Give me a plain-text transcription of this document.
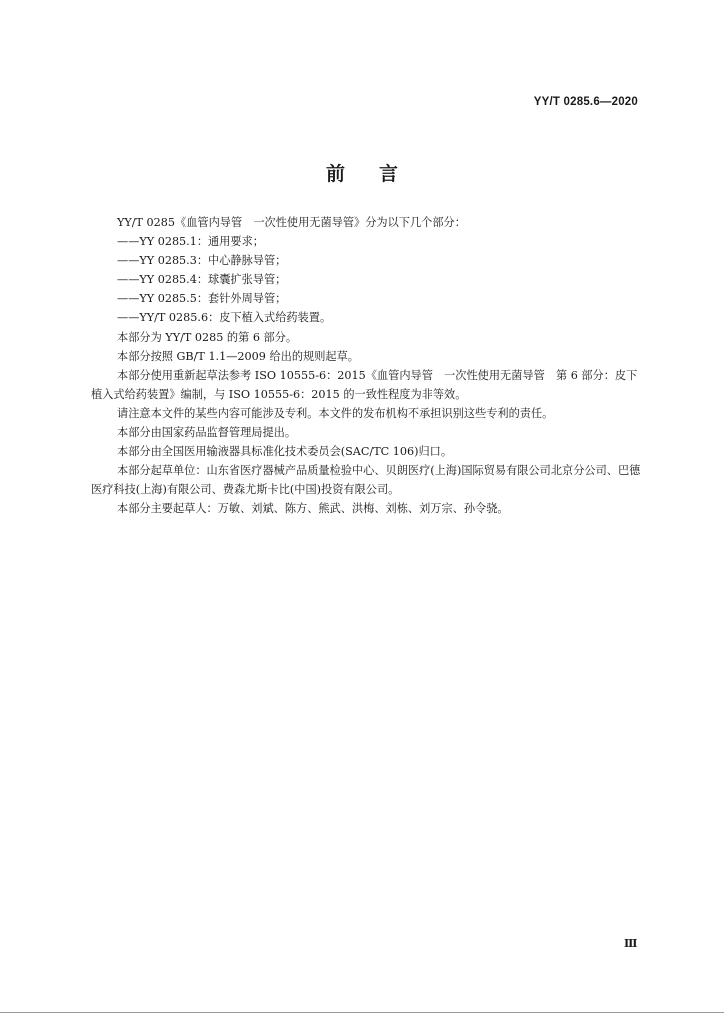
YY/T 0285.6—2020
前言

YY/T 0285《血管内导管　一次性使用无菌导管》分为以下几个部分：

——YY 0285.1：通用要求；

——YY 0285.3：中心静脉导管；

——YY 0285.4：球囊扩张导管；

——YY 0285.5：套针外周导管；

——YY/T 0285.6：皮下植入式给药装置。

本部分为 YY/T 0285 的第 6 部分。

本部分按照 GB/T 1.1—2009 给出的规则起草。

本部分使用重新起草法参考 ISO 10555-6：2015《血管内导管　一次性使用无菌导管　第 6 部分：皮下植入式给药装置》编制，与 ISO 10555-6：2015 的一致性程度为非等效。

请注意本文件的某些内容可能涉及专利。本文件的发布机构不承担识别这些专利的责任。

本部分由国家药品监督管理局提出。

本部分由全国医用输液器具标准化技术委员会(SAC/TC 106)归口。

本部分起草单位：山东省医疗器械产品质量检验中心、贝朗医疗(上海)国际贸易有限公司北京分公司、巴德医疗科技(上海)有限公司、费森尤斯卡比(中国)投资有限公司。

本部分主要起草人：万敏、刘斌、陈方、熊武、洪梅、刘栋、刘万宗、孙令骁。

Ⅲ
